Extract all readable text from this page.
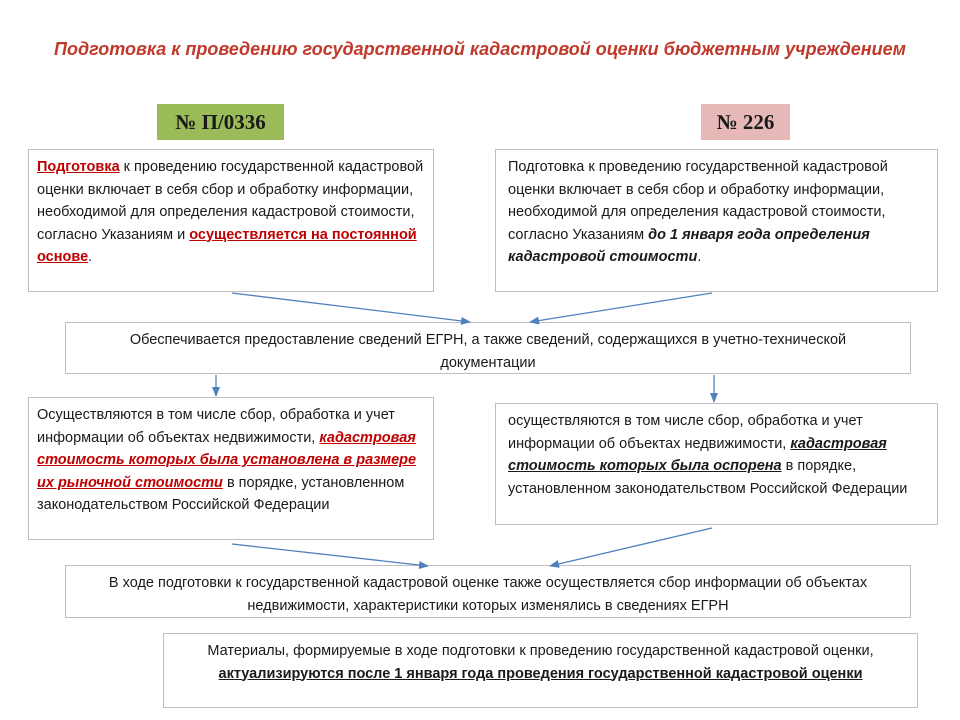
Подготовка к проведению государственной кадастровой оценки бюджетным учреждением
№ П/0336	№ 226
Подготовка к проведению государственной кадастровой оценки включает в себя сбор и обработку информации, необходимой для определения кадастровой стоимости, согласно Указаниям и осуществляется на постоянной основе.
Подготовка к проведению государственной кадастровой оценки включает в себя сбор и обработку информации, необходимой для определения кадастровой стоимости, согласно Указаниям до 1 января года определения кадастровой стоимости.
Обеспечивается предоставление сведений ЕГРН, а также сведений, содержащихся в учетно-технической документации
Осуществляются в том числе сбор, обработка и учет информации об объектах недвижимости, кадастровая стоимость которых была установлена в размере их рыночной стоимости в порядке, установленном законодательством Российской Федерации
осуществляются в том числе сбор, обработка и учет информации об объектах недвижимости, кадастровая стоимость которых была оспорена в порядке, установленном законодательством Российской Федерации
В ходе подготовки к государственной кадастровой оценке также осуществляется сбор информации об объектах недвижимости, характеристики которых изменялись в сведениях ЕГРН
Материалы, формируемые в ходе подготовки к проведению государственной кадастровой оценки, актуализируются после 1 января года проведения государственной кадастровой оценки
